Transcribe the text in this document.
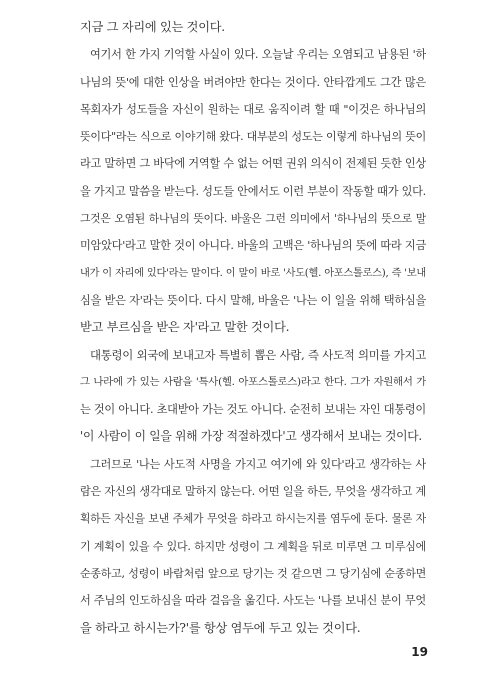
지금 그 자리에 있는 것이다.
여기서 한 가지 기억할 사실이 있다. 오늘날 우리는 오염되고 남용된 '하
나님의 뜻'에 대한 인상을 버려야만 한다는 것이다. 안타깝게도 그간 많은
목회자가 성도들을 자신이 원하는 대로 움직이려 할 때 "이것은 하나님의
뜻이다"라는 식으로 이야기해 왔다. 대부분의 성도는 이렇게 하나님의 뜻이
라고 말하면 그 바닥에 거역할 수 없는 어떤 권위 의식이 전제된 듯한 인상
을 가지고 말씀을 받는다. 성도들 안에서도 이런 부분이 작동할 때가 있다.
그것은 오염된 하나님의 뜻이다. 바울은 그런 의미에서 '하나님의 뜻으로 말
미암았다'라고 말한 것이 아니다. 바울의 고백은 '하나님의 뜻에 따라 지금
내가 이 자리에 있다'라는 말이다. 이 말이 바로 '사도(헬. 아포스톨로스), 즉 '보내
심을 받은 자'라는 뜻이다. 다시 말해, 바울은 '나는 이 일을 위해 택하심을
받고 부르심을 받은 자'라고 말한 것이다.
대통령이 외국에 보내고자 특별히 뽑은 사람, 즉 사도적 의미를 가지고
그 나라에 가 있는 사람을 '특사(헬. 아포스톨로스)라고 한다. 그가 자원해서 가
는 것이 아니다. 초대받아 가는 것도 아니다. 순전히 보내는 자인 대통령이
'이 사람이 이 일을 위해 가장 적절하겠다'고 생각해서 보내는 것이다.
그러므로 '나는 사도적 사명을 가지고 여기에 와 있다'라고 생각하는 사
람은 자신의 생각대로 말하지 않는다. 어떤 일을 하든, 무엇을 생각하고 계
획하든 자신을 보낸 주체가 무엇을 하라고 하시는지를 염두에 둔다. 물론 자
기 계획이 있을 수 있다. 하지만 성령이 그 계획을 뒤로 미루면 그 미루심에
순종하고, 성령이 바람처럼 앞으로 당기는 것 같으면 그 당기심에 순종하면
서 주님의 인도하심을 따라 걸음을 옮긴다. 사도는 '나를 보내신 분이 무엇
을 하라고 하시는가?'를 항상 염두에 두고 있는 것이다.
19
